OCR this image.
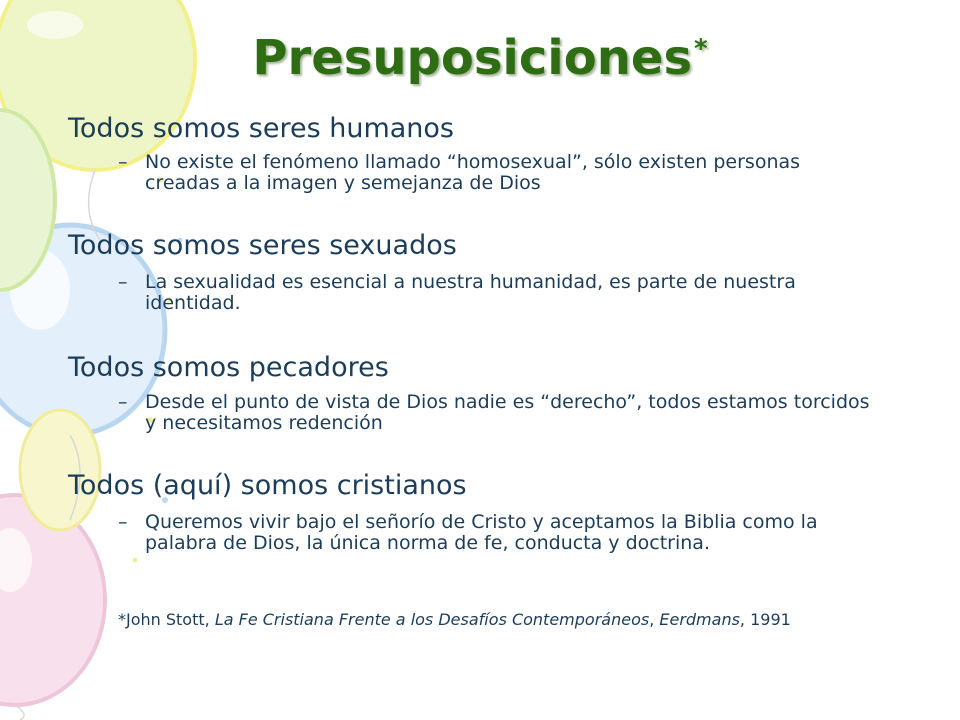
Presuposiciones*
Todos somos seres humanos
– No existe el fenómeno llamado “homosexual”, sólo existen personas creadas a la imagen y semejanza de Dios
Todos somos seres sexuados
– La sexualidad es esencial a nuestra humanidad, es parte de nuestra identidad.
Todos somos pecadores
– Desde el punto de vista de Dios nadie es “derecho”, todos estamos torcidos y necesitamos redención
Todos (aquí) somos cristianos
– Queremos vivir bajo el señorío de Cristo y aceptamos la Biblia como la palabra de Dios, la única norma de fe, conducta y doctrina.
*John Stott, La Fe Cristiana Frente a los Desafíos Contemporáneos, Eerdmans, 1991
